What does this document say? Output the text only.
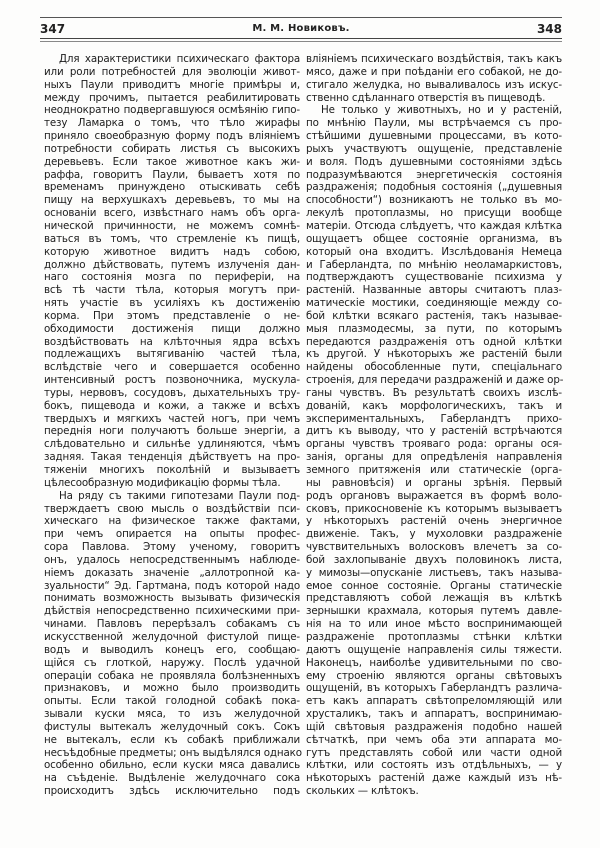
347	М. М. Новиковъ.	348
Для характеристики психическаго фактора
или роли потребностей для эволюціи живот-
ныхъ Паули приводитъ многіе примѣры и,
между прочимъ, пытается реабилитировать
неоднократно подвергавшуюся осмѣянію гипо-
тезу Ламарка о томъ, что тѣло жирафы
приняло своеобразную форму подъ вліяніемъ
потребности собирать листья съ высокихъ
деревьевъ. Если такое животное какъ жи-
раффа, говоритъ Паули, бываетъ хотя по
временамъ принуждено отыскивать себѣ
пищу на верхушкахъ деревьевъ, то мы на
основаніи всего, извѣстнаго намъ объ орга-
нической причинности, не можемъ сомнѣ-
ваться въ томъ, что стремленіе къ пищѣ,
которую животное видитъ надъ собою,
должно дѣйствовать, путемъ излученія дан-
наго состоянія мозга по периферіи, на
всѣ тѣ части тѣла, которыя могутъ при-
нять участіе въ усиліяхъ къ достиженію
корма. При этомъ представленіе о не-
обходимости достиженія пищи должно
воздѣйствовать на клѣточныя ядра всѣхъ
подлежащихъ вытягиванію частей тѣла,
вслѣдствіе чего и совершается особенно
интенсивный ростъ позвоночника, мускула-
туры, нервовъ, сосудовъ, дыхательныхъ тру-
бокъ, пищевода и кожи, а также и всѣхъ
твердыхъ и мягкихъ частей ногъ, при чемъ
переднія ноги получаютъ больше энергіи, а
слѣдовательно и сильнѣе удлиняются, чѣмъ
задняя. Такая тенденція дѣйствуетъ на про-
тяженіи многихъ поколѣній и вызываетъ
цѣлесообразную модификацію формы тѣла.
На ряду съ такими гипотезами Паули под-
тверждаетъ свою мысль о воздѣйствіи пси-
хическаго на физическое также фактами,
при чемъ опирается на опыты профес-
сора Павлова. Этому ученому, говоритъ
онъ, удалось непосредственнымъ наблюде-
ніемъ доказать значеніе „аллотропной ка-
зуальности“ Эд. Гартмана, подъ которой надо
понимать возможность вызывать физическія
дѣйствія непосредственно психическими при-
чинами. Павловъ перерѣзалъ собакамъ съ
искусственной желудочной фистулой пище-
водъ и выводилъ конецъ его, сообщаю-
щійся съ глоткой, наружу. Послѣ удачной
операціи собака не проявляла болѣзненныхъ
признаковъ, и можно было производить
опыты. Если такой голодной собакѣ пока-
зывали куски мяса, то изъ желудочной
фистулы вытекалъ желудочный сокъ. Сокъ
не вытекалъ, если къ собакѣ приближали
несъѣдобные предметы; онъ выдѣлялся однако
особенно обильно, если куски мяса давались
на съѣденіе. Выдѣленіе желудочнаго сока
происходитъ здѣсь исключительно подъ
вліяніемъ психическаго воздѣйствія, такъ какъ
мясо, даже и при поѣданіи его собакой, не до-
стигало желудка, но вываливалось изъ искус-
ственно сдѣланнаго отверстія въ пищеводѣ.
Не только у животныхъ, но и у растеній,
по мнѣнію Паули, мы встрѣчаемся съ про-
стѣйшими душевными процессами, въ кото-
рыхъ участвуютъ ощущеніе, представленіе
и воля. Подъ душевными состояніями здѣсь
подразумѣваются энергетическія состоянія
раздраженія; подобныя состоянія („душевныя
способности“) возникаютъ не только въ мо-
лекулѣ протоплазмы, но присущи вообще
матеріи. Отсюда слѣдуетъ, что каждая клѣтка
ощущаетъ общее состояніе организма, въ
который она входитъ. Изслѣдованія Немеца
и Габерландта, по мнѣнію неоламаркистовъ,
подтверждаютъ существованіе психизма у
растеній. Названные авторы считаютъ плаз-
матическіе мостики, соединяющіе между со-
бой клѣтки всякаго растенія, такъ называе-
мыя плазмодесмы, за пути, по которымъ
передаются раздраженія отъ одной клѣтки
къ другой. У нѣкоторыхъ же растеній были
найдены обособленные пути, спеціальнаго
строенія, для передачи раздраженій и даже ор-
ганы чувствъ. Въ результатѣ своихъ изслѣ-
дованій, какъ морфологическихъ, такъ и
экспериментальныхъ, Габерландтъ прихо-
дитъ къ выводу, что у растеній встрѣчаются
органы чувствъ трояваго рода: органы ося-
занія, органы для опредѣленія направленія
земного притяженія или статическіе (орга-
ны равновѣсія) и органы зрѣнія. Первый
родъ органовъ выражается въ формѣ воло-
сковъ, прикосновеніе къ которымъ вызываетъ
у нѣкоторыхъ растеній очень энергичное
движеніе. Такъ, у мухоловки раздраженіе
чувствительныхъ волосковъ влечетъ за со-
бой захлопываніе двухъ половинокъ листа,
у мимозы—опусканіе листьевъ, такъ называ-
емое сонное состояніе. Органы статическіе
представляютъ собой лежащія въ клѣткѣ
зернышки крахмала, которыя путемъ давле-
нія на то или иное мѣсто воспринимающей
раздраженіе протоплазмы стѣнки клѣтки
даютъ ощущеніе направленія силы тяжести.
Наконецъ, наиболѣе удивительными по сво-
ему строенію являются органы свѣтовыхъ
ощущеній, въ которыхъ Габерландтъ различа-
етъ какъ аппаратъ свѣтопреломляющій или
хрусталикъ, такъ и аппаратъ, воспринимаю-
щій свѣтовыя раздраженія подобно нашей
сѣтчаткѣ, при чемъ оба эти аппарата мо-
гутъ представлять собой или части одной
клѣтки, или состоять изъ отдѣльныхъ, — у
нѣкоторыхъ растеній даже каждый изъ нѣ-
скольких — клѣтокъ.
